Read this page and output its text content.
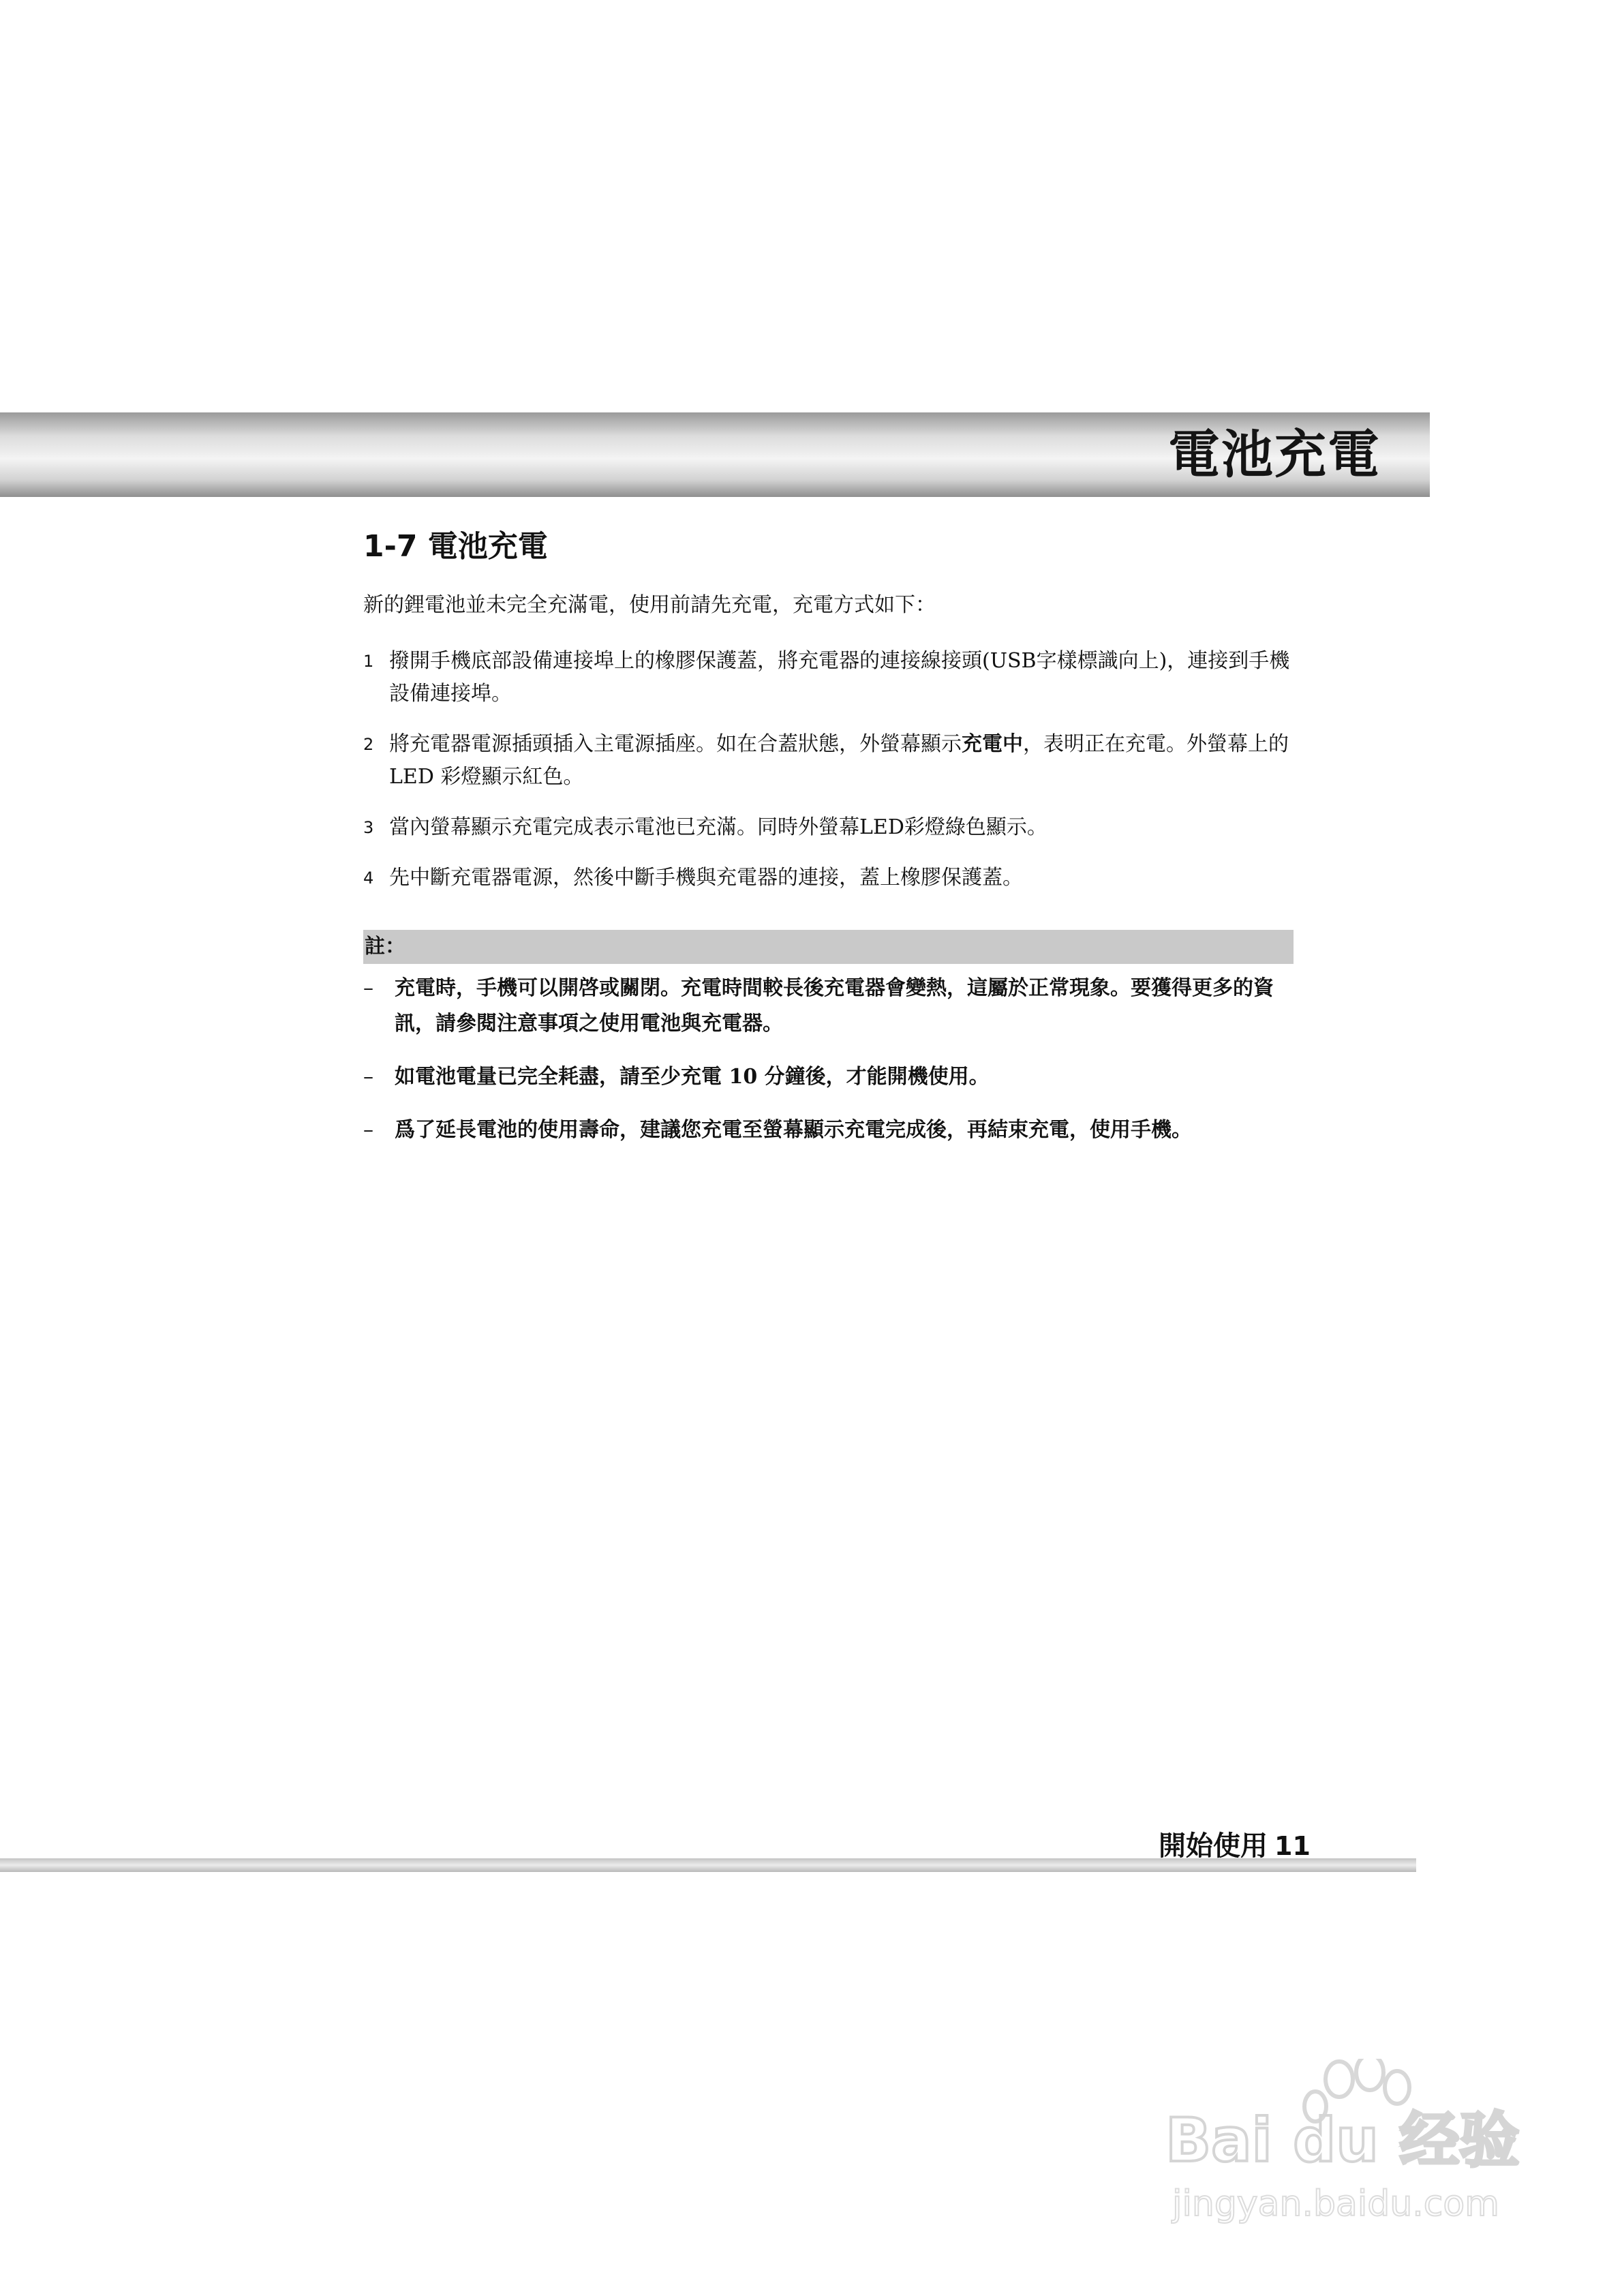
電池充電
1-7 電池充電

新的鋰電池並未完全充滿電，使用前請先充電，充電方式如下：

1 撥開手機底部設備連接埠上的橡膠保護蓋，將充電器的連接線接頭(USB字樣標識向上)，連接到手機設備連接埠。
2 將充電器電源插頭插入主電源插座。如在合蓋狀態，外螢幕顯示充電中，表明正在充電。外螢幕上的LED 彩燈顯示紅色。
3 當內螢幕顯示充電完成表示電池已充滿。同時外螢幕LED彩燈綠色顯示。
4 先中斷充電器電源，然後中斷手機與充電器的連接，蓋上橡膠保護蓋。
註：
– 充電時，手機可以開啓或關閉。充電時間較長後充電器會變熱，這屬於正常現象。要獲得更多的資訊，請參閱注意事項之使用電池與充電器。
– 如電池電量已完全耗盡，請至少充電 10 分鐘後，才能開機使用。
– 爲了延長電池的使用壽命，建議您充電至螢幕顯示充電完成後，再結束充電，使用手機。

開始使用 11

Bai du 经验
jingyan.baidu.com
